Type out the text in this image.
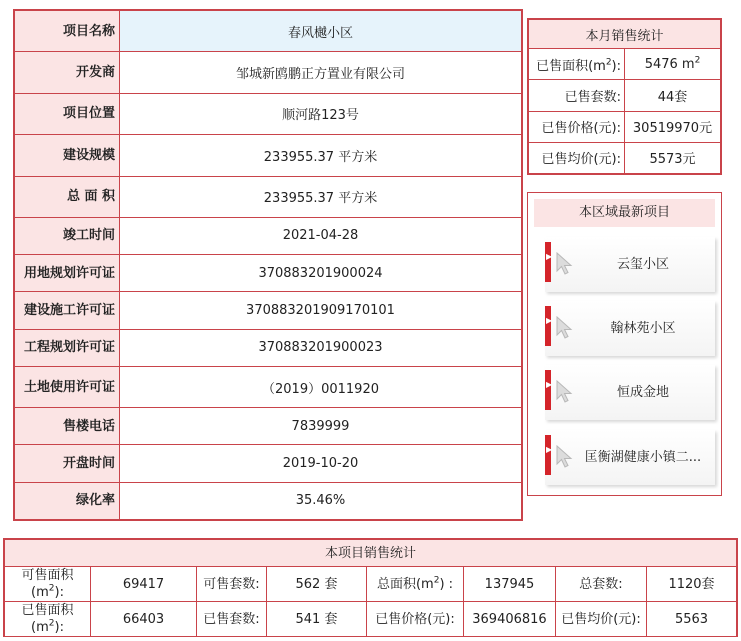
项目名称	春风樾小区
开发商	邹城新鸥鹏正方置业有限公司
项目位置	顺河路123号
建设规模	233955.37 平方米
总 面 积	233955.37 平方米
竣工时间	2021-04-28
用地规划许可证	370883201900024
建设施工许可证	370883201909170101
工程规划许可证	370883201900023
土地使用许可证	（2019）0011920
售楼电话	7839999
开盘时间	2019-10-20
绿化率	35.46%
本月销售统计	
已售面积$(m^2)$:	5476 $m^2$
已售套数:	44套
已售价格(元):	30519970元
已售均价(元):	5573元
本区域最新项目
▶
云玺小区
▶
翰林苑小区
▶
恒成金地
▶
匡衡湖健康小镇二...
本项目销售统计							
可售面积
$(m^2)$:	69417	可售套数:	562 套	总面积$(m^2)$ :	137945	总套数:	1120套
已售面积
$(m^2)$:	66403	已售套数:	541 套	已售价格(元):	369406816	已售均价(元):	5563
